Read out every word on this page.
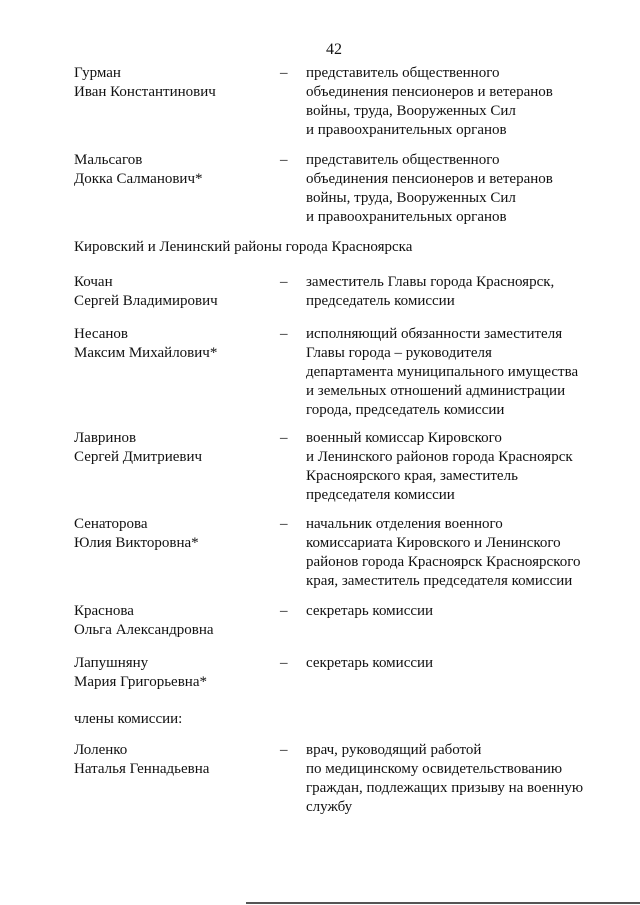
42
Гурман
Иван Константинович
– представитель общественного
объединения пенсионеров и ветеранов
войны, труда, Вооруженных Сил
и правоохранительных органов
Мальсагов
Докка Салманович*
– представитель общественного
объединения пенсионеров и ветеранов
войны, труда, Вооруженных Сил
и правоохранительных органов
Кировский и Ленинский районы города Красноярска
Кочан
Сергей Владимирович
– заместитель Главы города Красноярск,
председатель комиссии
Несанов
Максим Михайлович*
– исполняющий обязанности заместителя
Главы города – руководителя
департамента муниципального имущества
и земельных отношений администрации
города, председатель комиссии
Лавринов
Сергей Дмитриевич
– военный комиссар Кировского
и Ленинского районов города Красноярск
Красноярского края, заместитель
председателя комиссии
Сенаторова
Юлия Викторовна*
– начальник отделения военного
комиссариата Кировского и Ленинского
районов города Красноярск Красноярского
края, заместитель председателя комиссии
Краснова
Ольга Александровна
– секретарь комиссии
Лапушняну
Мария Григорьевна*
– секретарь комиссии
члены комиссии:
Лоленко
Наталья Геннадьевна
– врач, руководящий работой
по медицинскому освидетельствованию
граждан, подлежащих призыву на военную
службу
